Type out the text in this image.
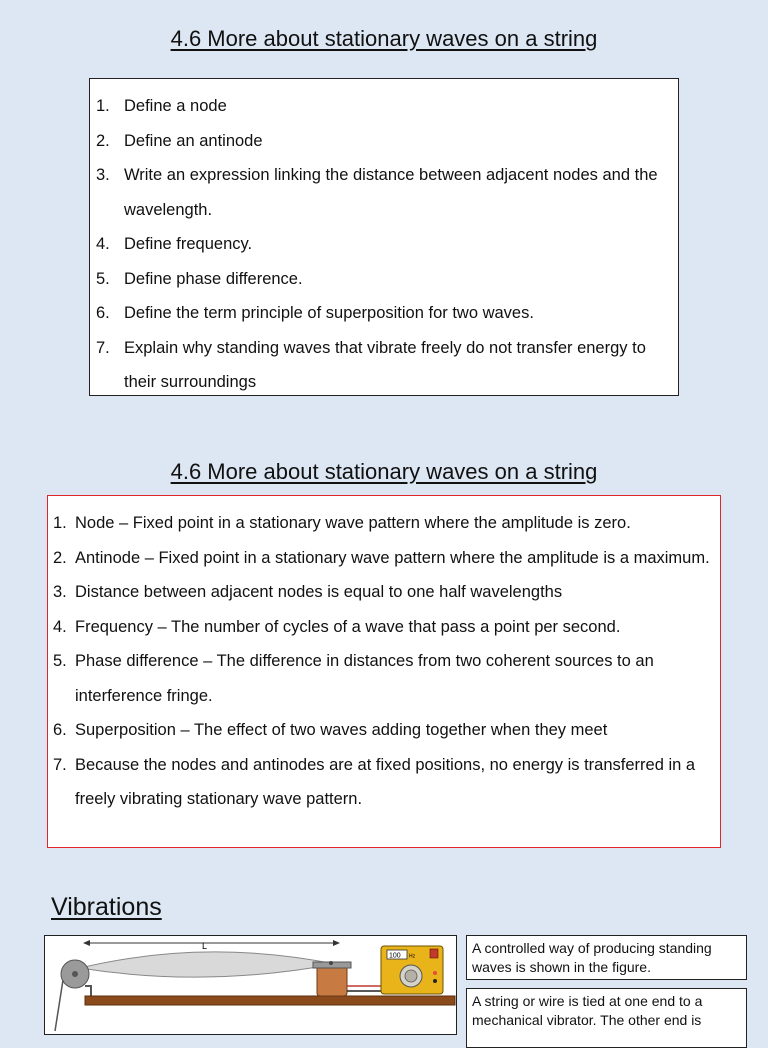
4.6 More about stationary waves on a string
1. Define a node
2. Define an antinode
3. Write an expression linking the distance between adjacent nodes and the wavelength.
4. Define frequency.
5. Define phase difference.
6. Define the term principle of superposition for two waves.
7. Explain why standing waves that vibrate freely do not transfer energy to their surroundings
4.6 More about stationary waves on a string
1. Node – Fixed point in a stationary wave pattern where the amplitude is zero.
2. Antinode – Fixed point in a stationary wave pattern where the amplitude is a maximum.
3. Distance between adjacent nodes is equal to one half wavelengths
4. Frequency – The number of cycles of a wave that pass a point per second.
5. Phase difference – The difference in distances from two coherent sources to an interference fringe.
6. Superposition – The effect of two waves adding together when they meet
7. Because the nodes and antinodes are at fixed positions, no energy is transferred in a freely vibrating stationary wave pattern.
Vibrations
L
100 Hz
A controlled way of producing standing waves is shown in the figure.
A string or wire is tied at one end to a mechanical vibrator. The other end is
